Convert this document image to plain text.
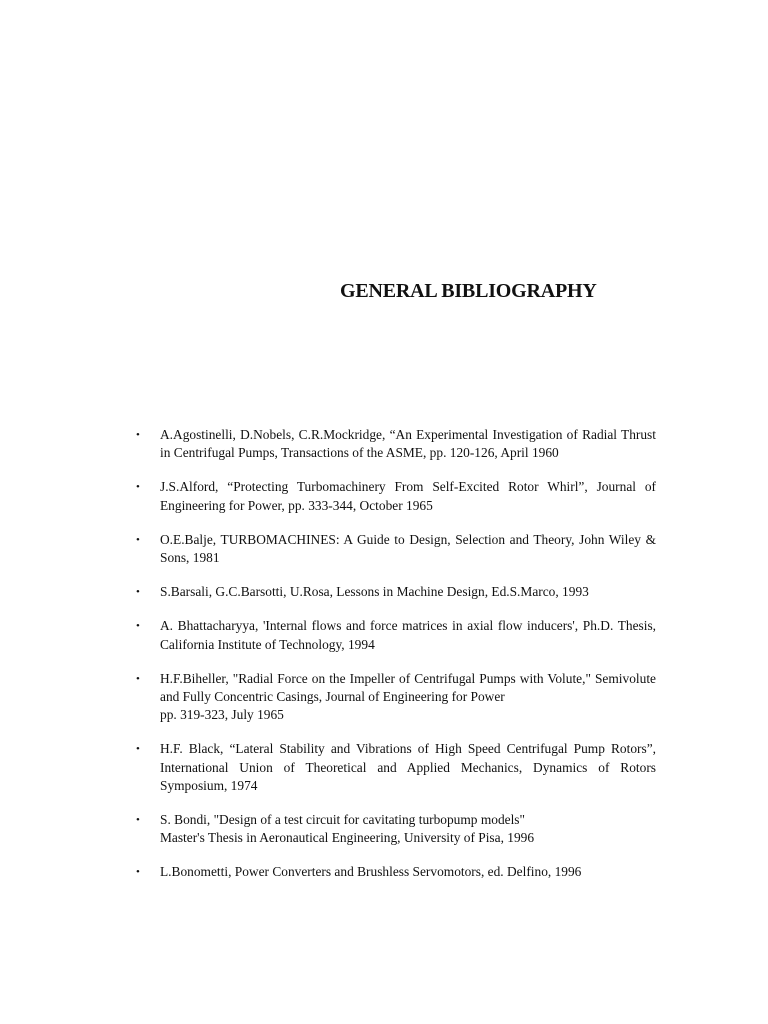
GENERAL BIBLIOGRAPHY
• A.Agostinelli, D.Nobels, C.R.Mockridge, “An Experimental Investigation of Radial Thrust in Centrifugal Pumps, Transactions of the ASME, pp. 120-126, April 1960
• J.S.Alford, “Protecting Turbomachinery From Self-Excited Rotor Whirl”, Journal of Engineering for Power, pp. 333-344, October 1965
• O.E.Balje, TURBOMACHINES: A Guide to Design, Selection and Theory, John Wiley & Sons, 1981
• S.Barsali, G.C.Barsotti, U.Rosa, Lessons in Machine Design, Ed.S.Marco, 1993
• A. Bhattacharyya, 'Internal flows and force matrices in axial flow inducers', Ph.D. Thesis, California Institute of Technology, 1994
• H.F.Biheller, "Radial Force on the Impeller of Centrifugal Pumps with Volute," Semivolute and Fully Concentric Casings, Journal of Engineering for Power
pp. 319-323, July 1965
• H.F. Black, “Lateral Stability and Vibrations of High Speed Centrifugal Pump Rotors”, International Union of Theoretical and Applied Mechanics, Dynamics of Rotors Symposium, 1974
• S. Bondi, "Design of a test circuit for cavitating turbopump models"
Master's Thesis in Aeronautical Engineering, University of Pisa, 1996
• L.Bonometti, Power Converters and Brushless Servomotors, ed. Delfino, 1996
